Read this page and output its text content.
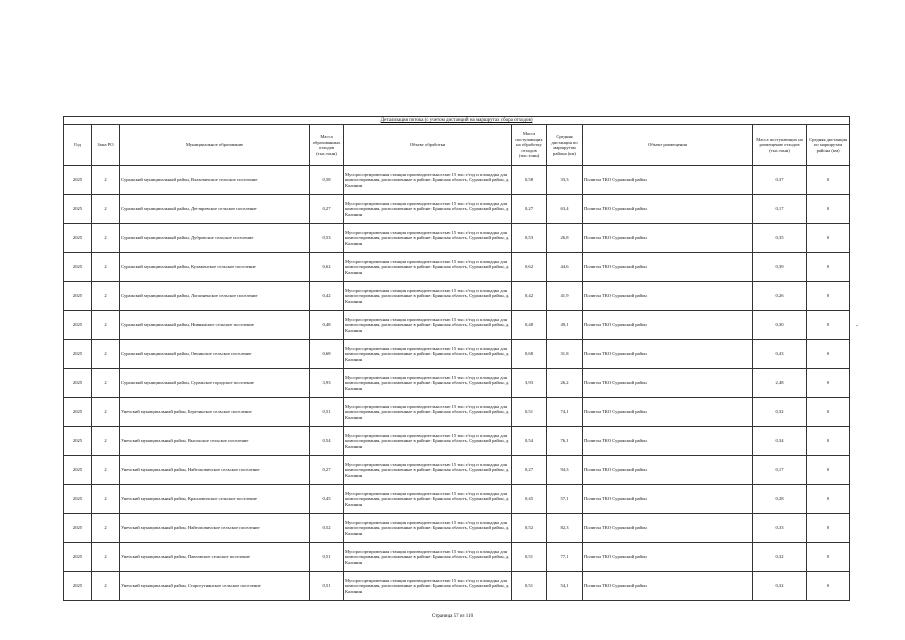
Детализация потока (с учетом дистанций на маршрутах сбора отходов)									
Год	Зона РО	Муниципальное образование	Масса образованных отходов (тыс.тонн)	Объект обработки	Масса поступающих на обработку отходов (тыс.тонн)	Средняя дистанция по маршрутам района (км)	Объект размещения	Масса поступающих на размещение отходов (тыс.тонн)	Средняя дистанция по маршрутам района (км)
2025	2	Суражский муниципальный район, Влазовичское сельское поселение	0,58	Мусоросортировочная станция производительностью 15 тыс.т/год и площадка для компостирования, расположенные в районе: Брянская область, Суражский район, д. Калинин	0,58	33,3	Полигон ТКО Суражский район	0,37	0
2025	2	Суражский муниципальный район, Дегтяревское сельское поселение	0,27	Мусоросортировочная станция производительностью 15 тыс.т/год и площадка для компостирования, расположенные в районе: Брянская область, Суражский район, д. Калинин	0,27	63,4	Полигон ТКО Суражский район	0,17	0
2025	2	Суражский муниципальный район, Дубровское сельское поселение	0,53	Мусоросортировочная станция производительностью 15 тыс.т/год и площадка для компостирования, расположенные в районе: Брянская область, Суражский район, д. Калинин	0,53	26,8	Полигон ТКО Суражский район	0,35	0
2025	2	Суражский муниципальный район, Кулаженское сельское поселение	0,62	Мусоросортировочная станция производительностью 15 тыс.т/год и площадка для компостирования, расположенные в районе: Брянская область, Суражский район, д. Калинин	0,62	44,6	Полигон ТКО Суражский район	0,39	0
2025	2	Суражский муниципальный район, Лопазненское сельское поселение	0,42	Мусоросортировочная станция производительностью 15 тыс.т/год и площадка для компостирования, расположенные в районе: Брянская область, Суражский район, д. Калинин	0,42	41,9	Полигон ТКО Суражский район	0,26	0
2025	2	Суражский муниципальный район, Нивнянское сельское поселение	0,48	Мусоросортировочная станция производительностью 15 тыс.т/год и площадка для компостирования, расположенные в районе: Брянская область, Суражский район, д. Калинин	0,48	49,1	Полигон ТКО Суражский район	0,30	0
2025	2	Суражский муниципальный район, Овчинское сельское поселение	0,68	Мусоросортировочная станция производительностью 15 тыс.т/год и площадка для компостирования, расположенные в районе: Брянская область, Суражский район, д. Калинин	0,68	31,8	Полигон ТКО Суражский район	0,43	0
2025	2	Суражский муниципальный район, Суражское городское поселение	3,93	Мусоросортировочная станция производительностью 15 тыс.т/год и площадка для компостирования, расположенные в районе: Брянская область, Суражский район, д. Калинин	3,93	26,2	Полигон ТКО Суражский район	2,48	0
2025	2	Унечский муниципальный район, Березинское сельское поселение	0,51	Мусоросортировочная станция производительностью 15 тыс.т/год и площадка для компостирования, расположенные в районе: Брянская область, Суражский район, д. Калинин	0,51	74,1	Полигон ТКО Суражский район	0,32	0
2025	2	Унечский муниципальный район, Высокское сельское поселение	0,54	Мусоросортировочная станция производительностью 15 тыс.т/год и площадка для компостирования, расположенные в районе: Брянская область, Суражский район, д. Калинин	0,54	76,1	Полигон ТКО Суражский район	0,34	0
2025	2	Унечский муниципальный район, Найтоповичское сельское поселение	0,27	Мусоросортировочная станция производительностью 15 тыс.т/год и площадка для компостирования, расположенные в районе: Брянская область, Суражский район, д. Калинин	0,27	94,3	Полигон ТКО Суражский район	0,17	0
2025	2	Унечский муниципальный район, Красновичское сельское поселение	0,45	Мусоросортировочная станция производительностью 15 тыс.т/год и площадка для компостирования, расположенные в районе: Брянская область, Суражский район, д. Калинин	0,45	57,1	Полигон ТКО Суражский район	0,28	0
2025	2	Унечский муниципальный район, Найтоповичское сельское поселение	0,52	Мусоросортировочная станция производительностью 15 тыс.т/год и площадка для компостирования, расположенные в районе: Брянская область, Суражский район, д. Калинин	0,52	82,3	Полигон ТКО Суражский район	0,33	0
2025	2	Унечский муниципальный район, Павловское сельское поселение	0,51	Мусоросортировочная станция производительностью 15 тыс.т/год и площадка для компостирования, расположенные в районе: Брянская область, Суражский район, д. Калинин	0,51	77,1	Полигон ТКО Суражский район	0,32	0
2025	2	Унечский муниципальный район, Старогутнянское сельское поселение	0,51	Мусоросортировочная станция производительностью 15 тыс.т/год и площадка для компостирования, расположенные в районе: Брянская область, Суражский район, д. Калинин	0,51	54,1	Полигон ТКО Суражский район	0,32	0
Страница 57 из 110
-
